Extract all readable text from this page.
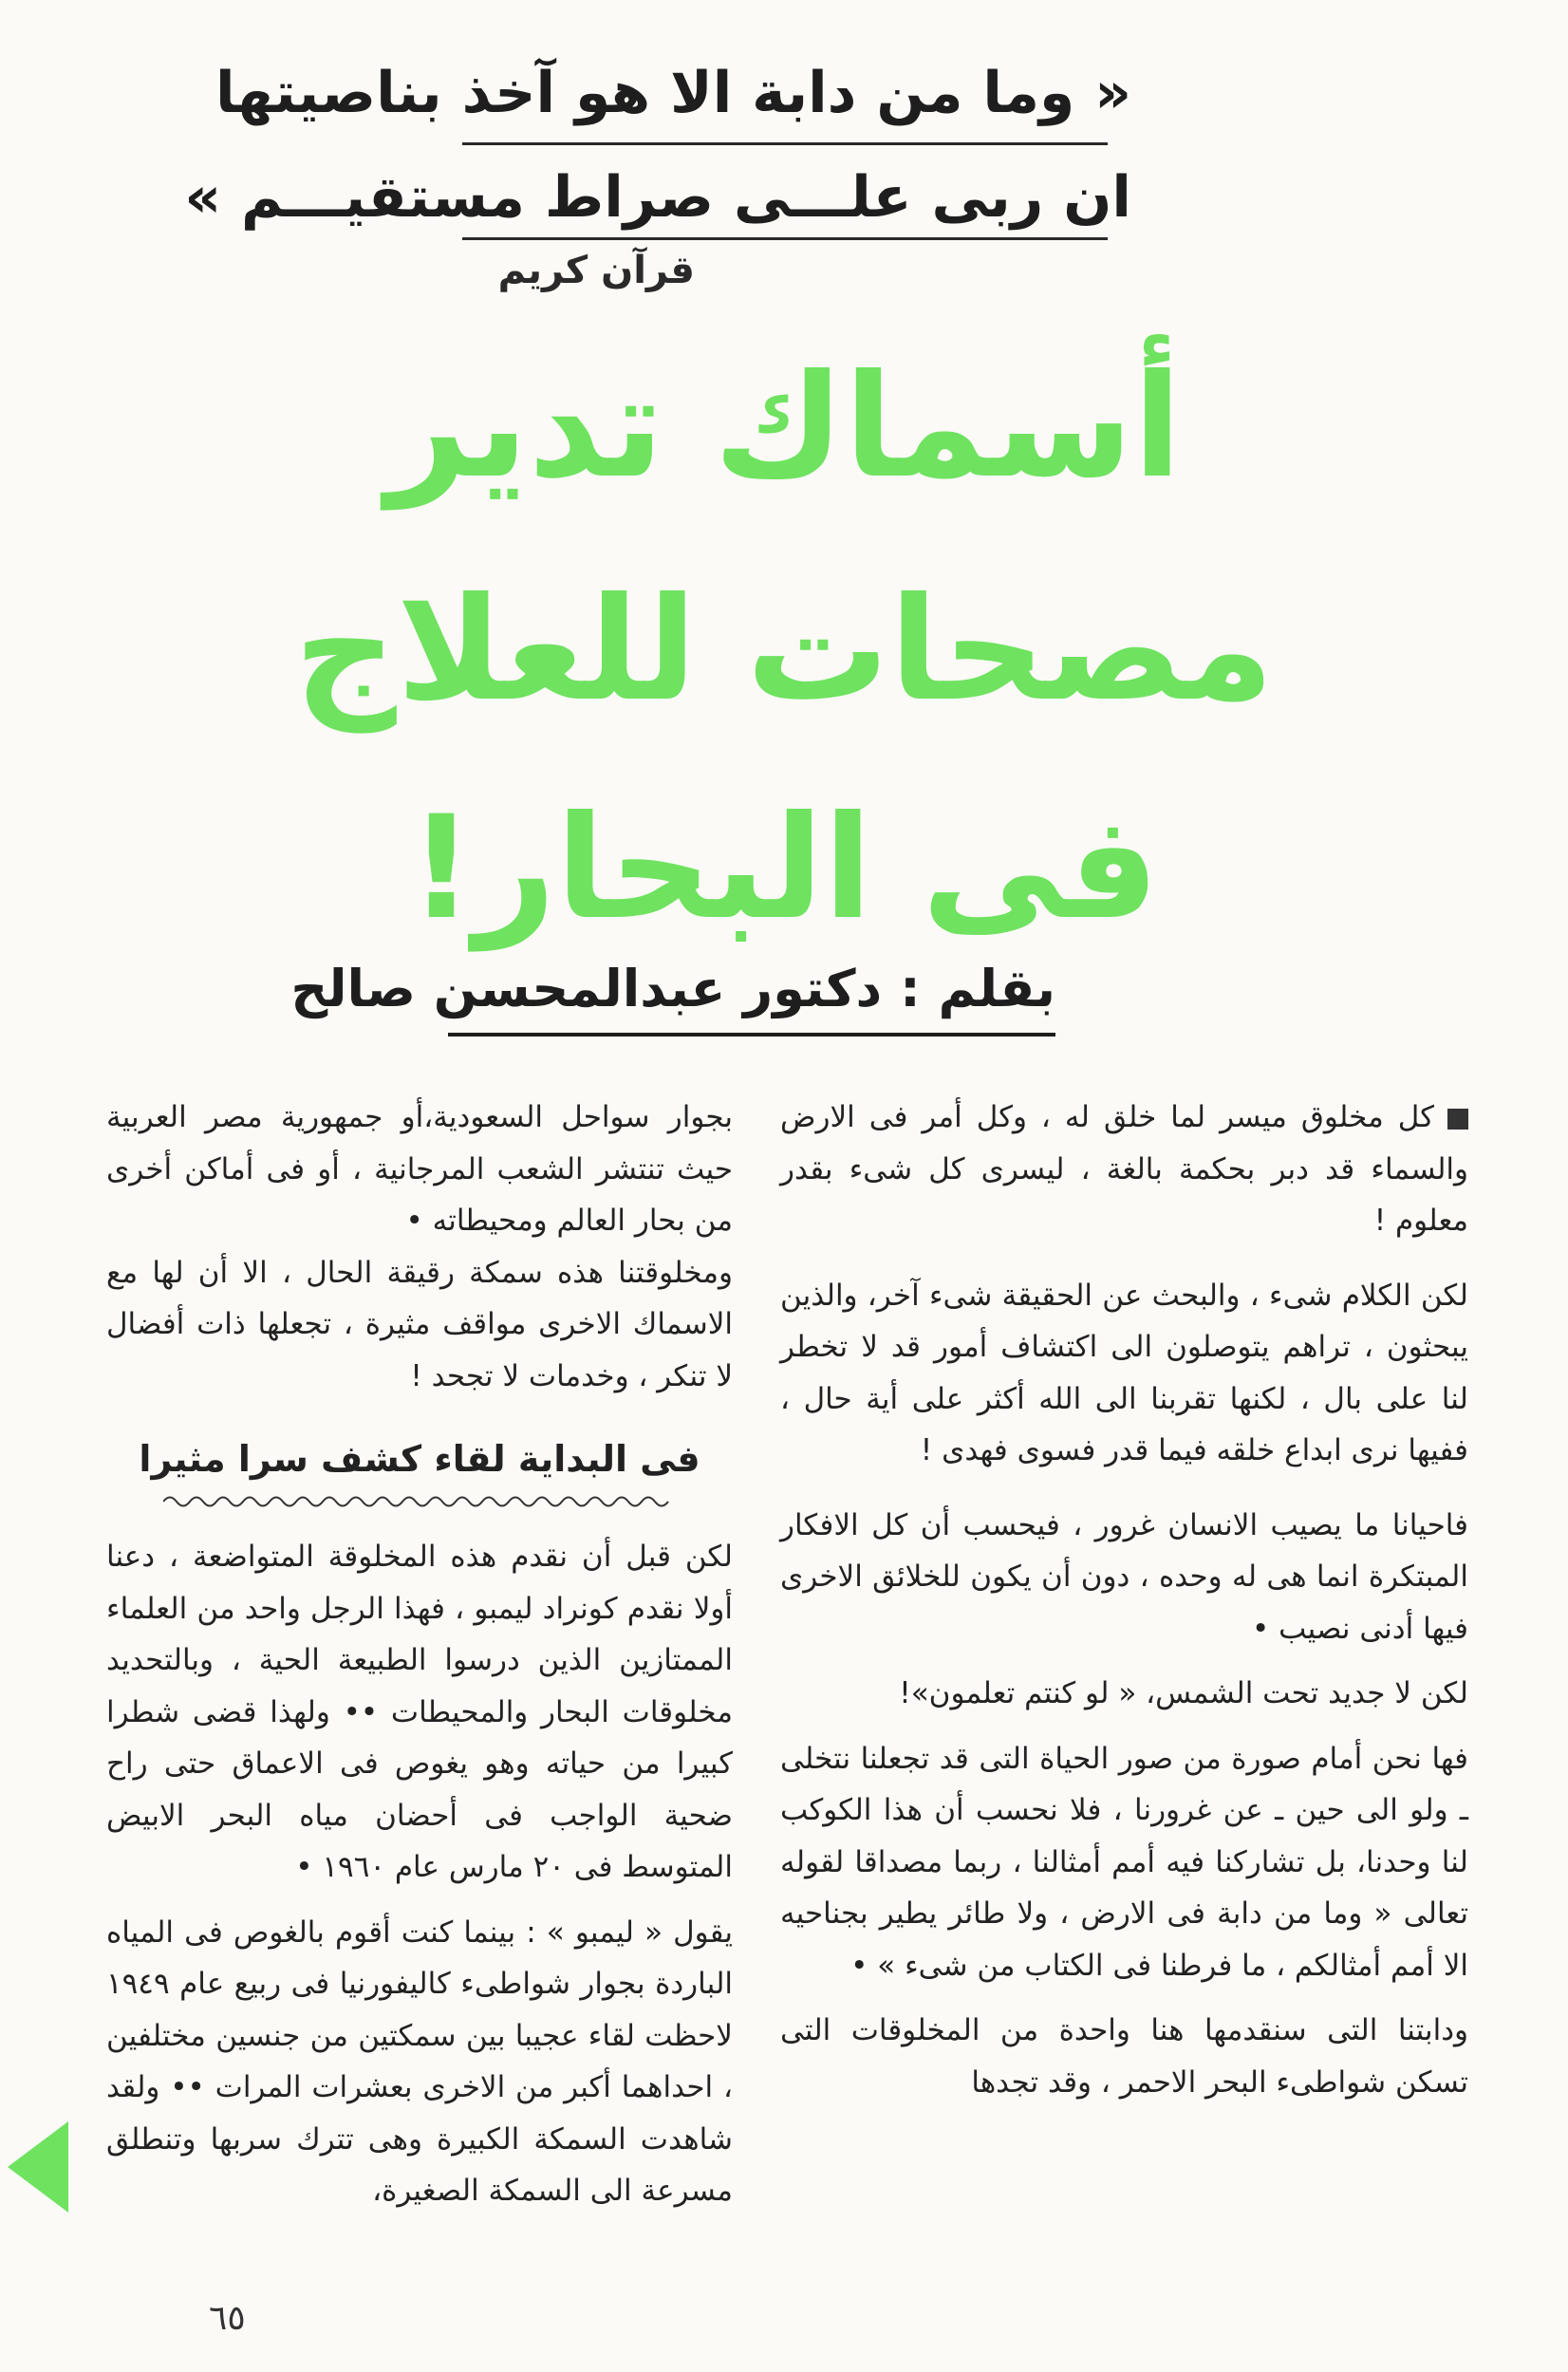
« وما من دابة الا هو آخذ بناصيتها
ان ربى علـــى صراط مستقيـــم »
قرآن كريم
أسماك تدير
مصحات للعلاج
فى البحار!
بقلم : دكتور عبدالمحسن صالح

كل مخلوق ميسر لما خلق له ، وكل أمر فى الارض والسماء قد دبر بحكمة بالغة ، ليسرى كل شىء بقدر معلوم !

لكن الكلام شىء ، والبحث عن الحقيقة شىء آخر، والذين يبحثون ، تراهم يتوصلون الى اكتشاف أمور قد لا تخطر لنا على بال ، لكنها تقربنا الى الله أكثر على أية حال ، ففيها نرى ابداع خلقه فيما قدر فسوى فهدى !

فاحيانا ما يصيب الانسان غرور ، فيحسب أن كل الافكار المبتكرة انما هى له وحده ، دون أن يكون للخلائق الاخرى فيها أدنى نصيب •

لكن لا جديد تحت الشمس، « لو كنتم تعلمون»!

فها نحن أمام صورة من صور الحياة التى قد تجعلنا نتخلى ـ ولو الى حين ـ عن غرورنا ، فلا نحسب أن هذا الكوكب لنا وحدنا، بل تشاركنا فيه أمم أمثالنا ، ربما مصداقا لقوله تعالى « وما من دابة فى الارض ، ولا طائر يطير بجناحيه الا أمم أمثالكم ، ما فرطنا فى الكتاب من شىء » •

ودابتنا التى سنقدمها هنا واحدة من المخلوقات التى تسكن شواطىء البحر الاحمر ، وقد تجدها

بجوار سواحل السعودية،أو جمهورية مصر العربية حيث تنتشر الشعب المرجانية ، أو فى أماكن أخرى من بحار العالم ومحيطاته •

ومخلوقتنا هذه سمكة رقيقة الحال ، الا أن لها مع الاسماك الاخرى مواقف مثيرة ، تجعلها ذات أفضال لا تنكر ، وخدمات لا تجحد !

فى البداية لقاء كشف سرا مثيرا

لكن قبل أن نقدم هذه المخلوقة المتواضعة ، دعنا أولا نقدم كونراد ليمبو ، فهذا الرجل واحد من العلماء الممتازين الذين درسوا الطبيعة الحية ، وبالتحديد مخلوقات البحار والمحيطات •• ولهذا قضى شطرا كبيرا من حياته وهو يغوص فى الاعماق حتى راح ضحية الواجب فى أحضان مياه البحر الابيض المتوسط فى ٢٠ مارس عام ١٩٦٠ •

يقول « ليمبو » : بينما كنت أقوم بالغوص فى المياه الباردة بجوار شواطىء كاليفورنيا فى ربيع عام ١٩٤٩ لاحظت لقاء عجيبا بين سمكتين من جنسين مختلفين ، احداهما أكبر من الاخرى بعشرات المرات •• ولقد شاهدت السمكة الكبيرة وهى تترك سربها وتنطلق مسرعة الى السمكة الصغيرة،

٦٥
